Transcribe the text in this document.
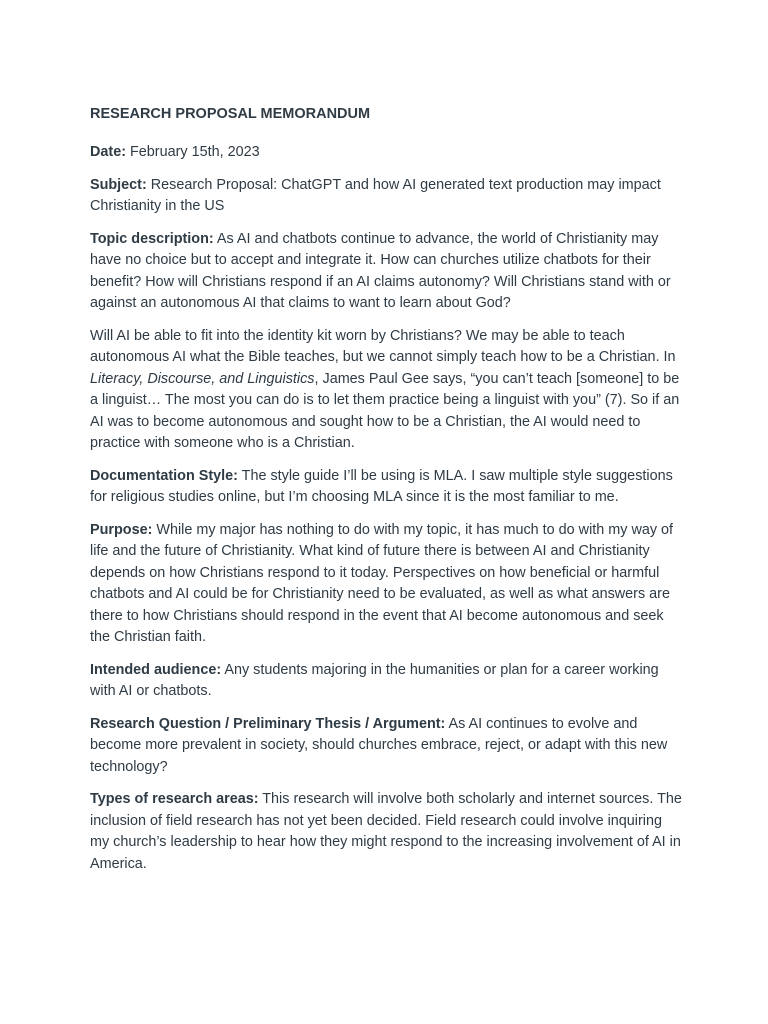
RESEARCH PROPOSAL MEMORANDUM

Date: February 15th, 2023

Subject: Research Proposal: ChatGPT and how AI generated text production may impact Christianity in the US

Topic description: As AI and chatbots continue to advance, the world of Christianity may have no choice but to accept and integrate it. How can churches utilize chatbots for their benefit? How will Christians respond if an AI claims autonomy? Will Christians stand with or against an autonomous AI that claims to want to learn about God?

Will AI be able to fit into the identity kit worn by Christians? We may be able to teach autonomous AI what the Bible teaches, but we cannot simply teach how to be a Christian. In Literacy, Discourse, and Linguistics, James Paul Gee says, “you can’t teach [someone] to be a linguist… The most you can do is to let them practice being a linguist with you” (7). So if an AI was to become autonomous and sought how to be a Christian, the AI would need to practice with someone who is a Christian.

Documentation Style: The style guide I’ll be using is MLA. I saw multiple style suggestions for religious studies online, but I’m choosing MLA since it is the most familiar to me.

Purpose: While my major has nothing to do with my topic, it has much to do with my way of life and the future of Christianity. What kind of future there is between AI and Christianity depends on how Christians respond to it today. Perspectives on how beneficial or harmful chatbots and AI could be for Christianity need to be evaluated, as well as what answers are there to how Christians should respond in the event that AI become autonomous and seek the Christian faith.

Intended audience: Any students majoring in the humanities or plan for a career working with AI or chatbots.

Research Question / Preliminary Thesis / Argument: As AI continues to evolve and become more prevalent in society, should churches embrace, reject, or adapt with this new technology?

Types of research areas: This research will involve both scholarly and internet sources. The inclusion of field research has not yet been decided. Field research could involve inquiring my church’s leadership to hear how they might respond to the increasing involvement of AI in America.
